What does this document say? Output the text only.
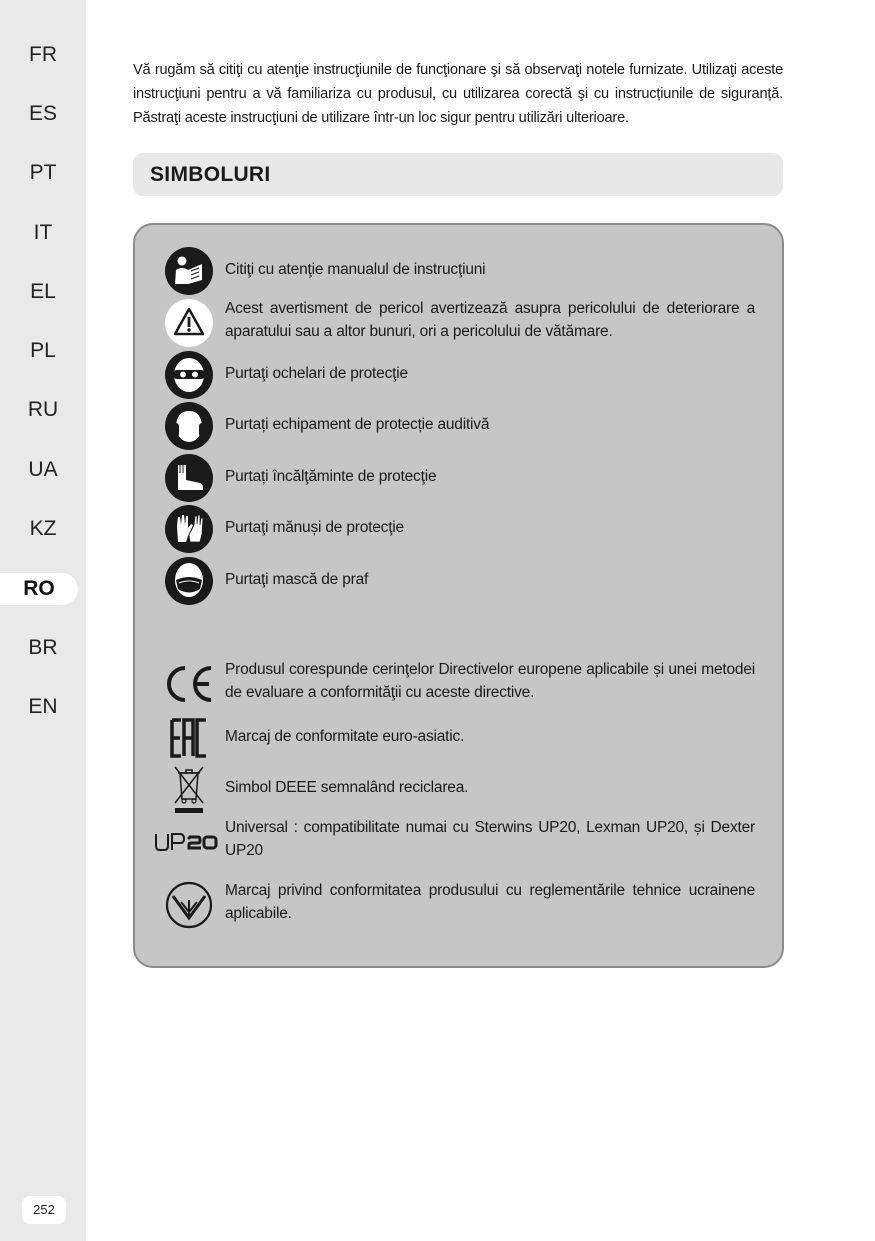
FR
ES
PT
IT
EL
PL
RU
UA
KZ
RO
BR
EN
252
Vă rugăm să citiţi cu atenţie instrucţiunile de funcţionare şi să observaţi notele furnizate. Utilizaţi aceste instrucţiuni pentru a vă familiariza cu produsul, cu utilizarea corectă şi cu instrucțiunile de siguranță. Păstraţi aceste instrucţiuni de utilizare într-un loc sigur pentru utilizări ulterioare.
SIMBOLURI
Citiţi cu atenţie manualul de instrucţiuni
Acest avertisment de pericol avertizează asupra pericolului de deteriorare a aparatului sau a altor bunuri, ori a pericolului de vătămare.
Purtaţi ochelari de protecţie
Purtați echipament de protecție auditivă
Purtați încălţăminte de protecţie
Purtaţi mănuși de protecţie
Purtaţi mască de praf
Produsul corespunde cerinţelor Directivelor europene aplicabile și unei metodei de evaluare a conformităţii cu aceste directive.
Marcaj de conformitate euro-asiatic.
Simbol DEEE semnalând reciclarea.
Universal : compatibilitate numai cu Sterwins UP20, Lexman UP20, și Dexter UP20
Marcaj privind conformitatea produsului cu reglementările tehnice ucrainene aplicabile.
